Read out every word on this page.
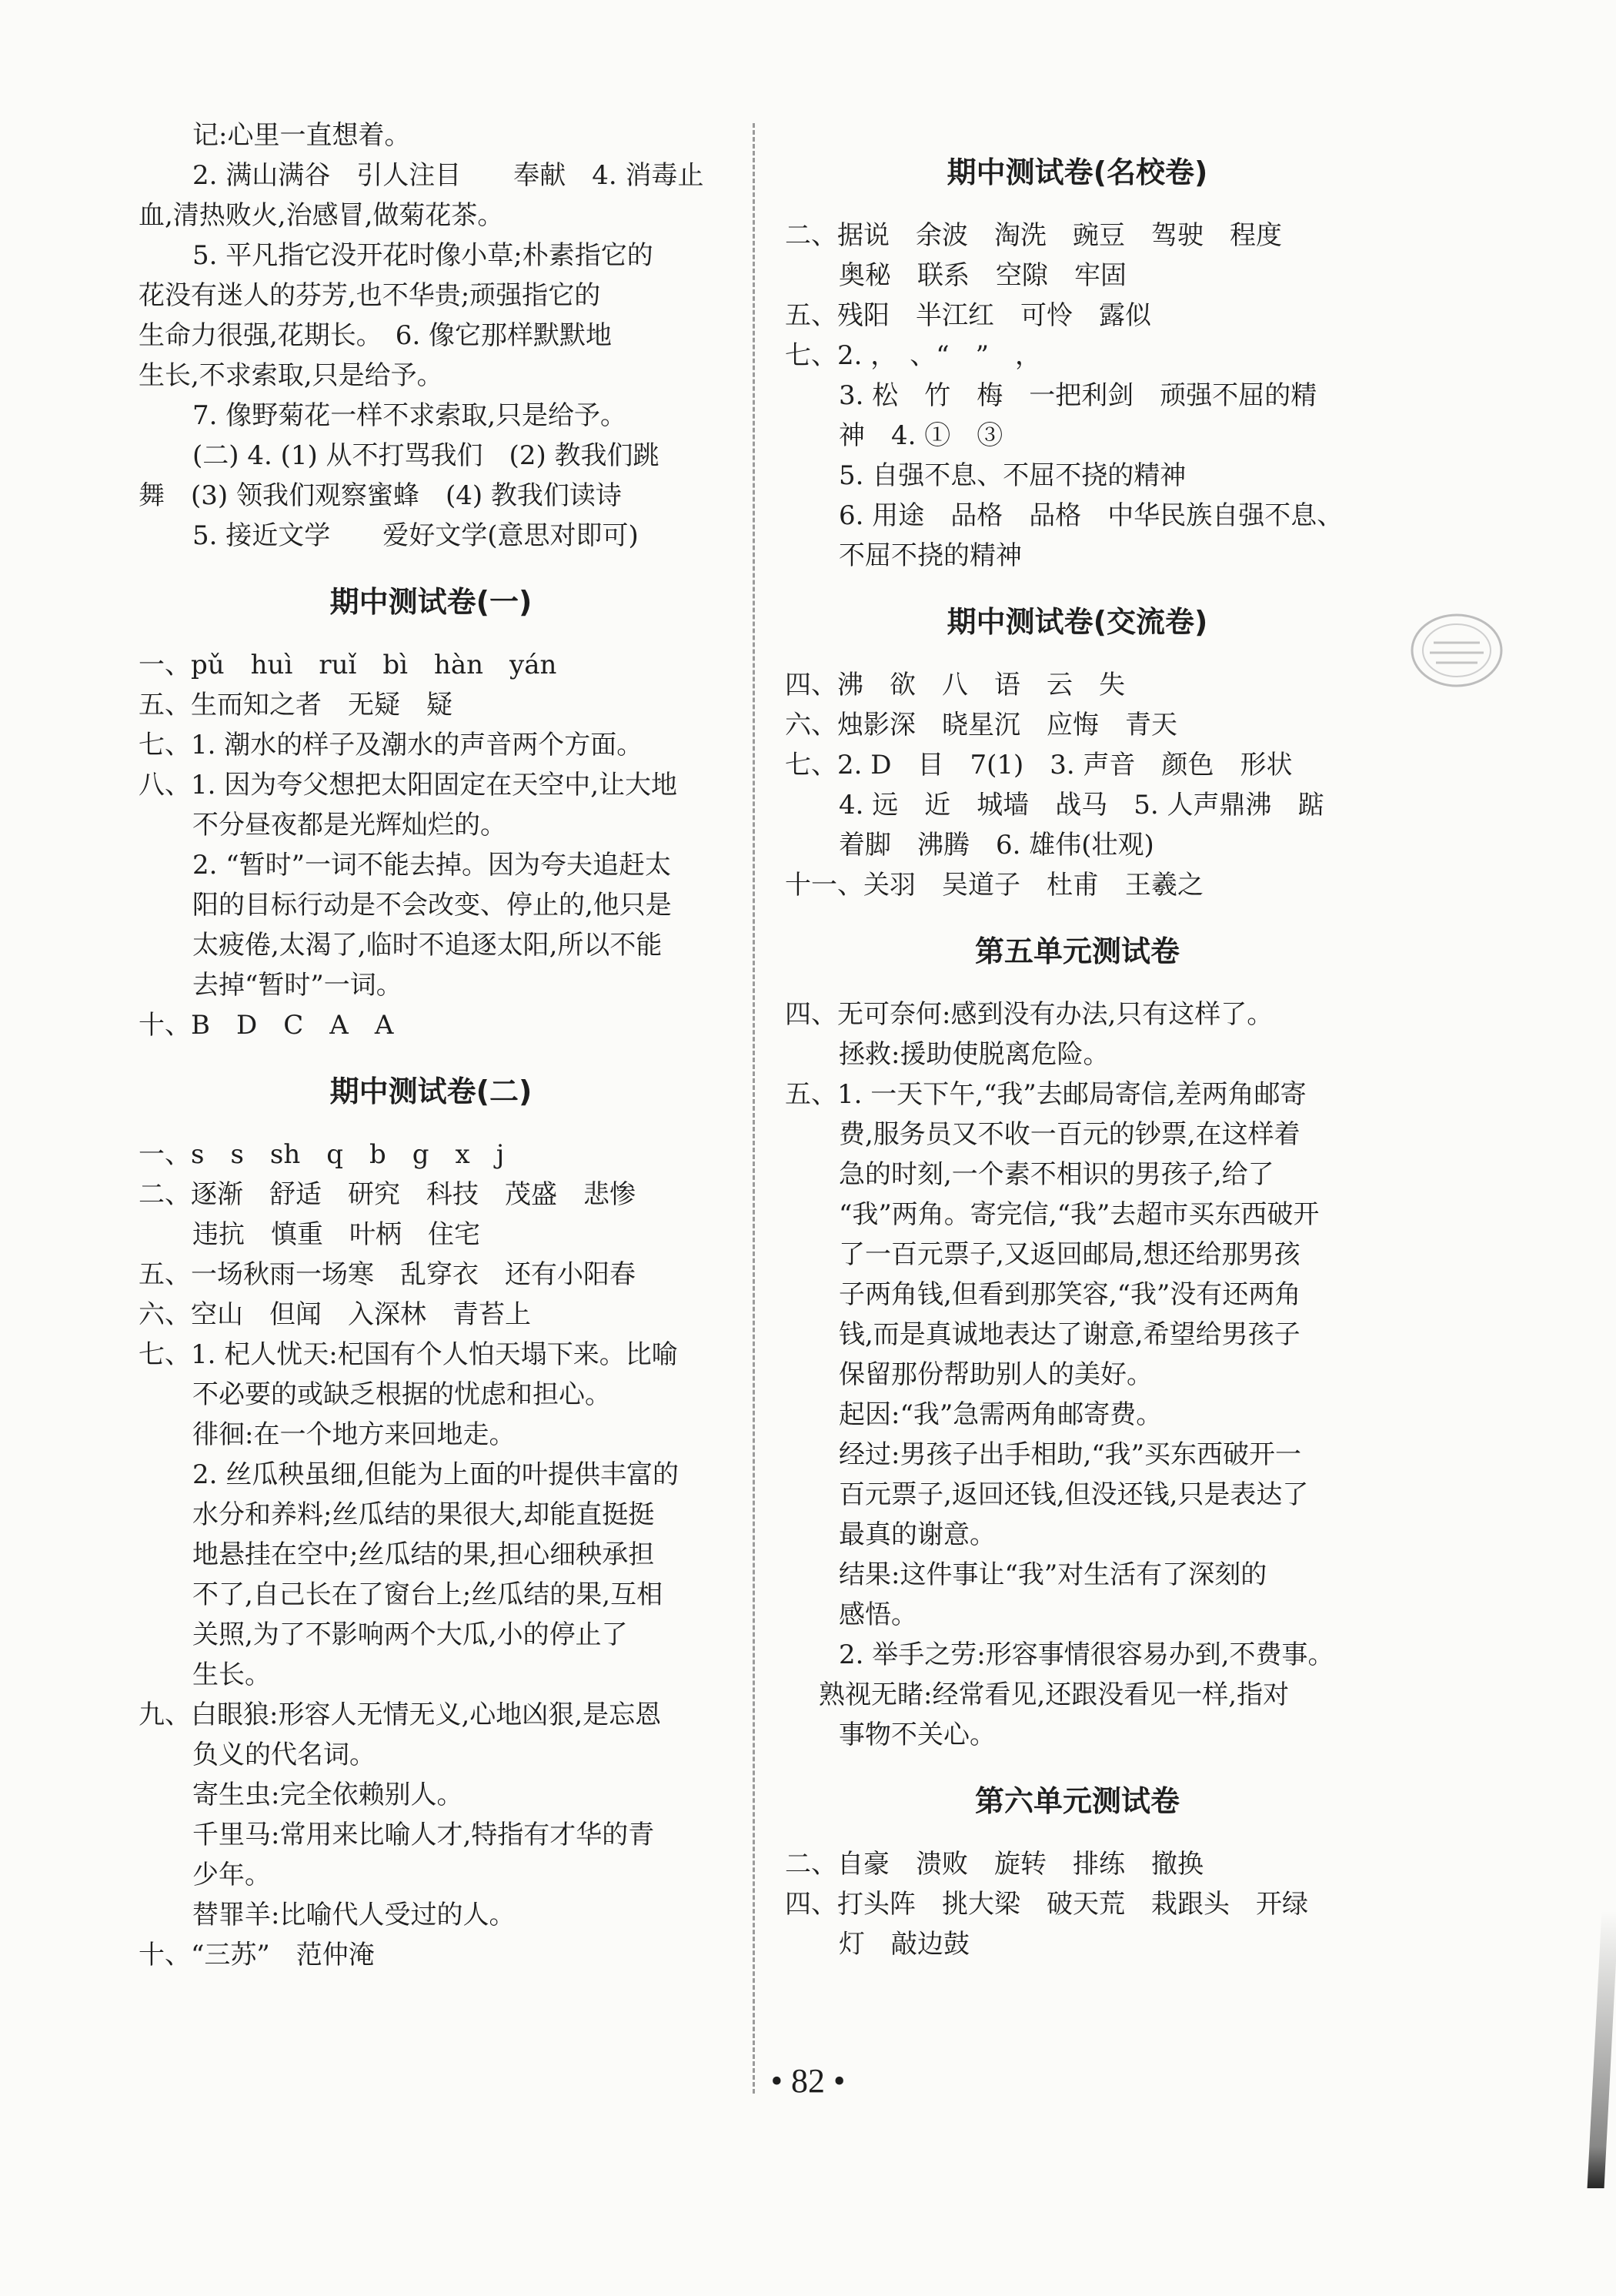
记:心里一直想着。
2. 满山满谷　引人注目　　奉献　4. 消毒止
血,清热败火,治感冒,做菊花茶。
5. 平凡指它没开花时像小草;朴素指它的
花没有迷人的芬芳,也不华贵;顽强指它的
生命力很强,花期长。　6. 像它那样默默地
生长,不求索取,只是给予。
7. 像野菊花一样不求索取,只是给予。
(二) 4. (1) 从不打骂我们　(2) 教我们跳
舞　(3) 领我们观察蜜蜂　(4) 教我们读诗
5. 接近文学　　爱好文学(意思对即可)
期中测试卷(一)
一、pǔ　huì　ruǐ　bì　hàn　yán
五、生而知之者　无疑　疑
七、1. 潮水的样子及潮水的声音两个方面。
八、1. 因为夸父想把太阳固定在天空中,让大地
不分昼夜都是光辉灿烂的。
2. “暂时”一词不能去掉。因为夸夫追赶太
阳的目标行动是不会改变、停止的,他只是
太疲倦,太渴了,临时不追逐太阳,所以不能
去掉“暂时”一词。
十、B　D　C　A　A
期中测试卷(二)
一、s　s　sh　q　b　g　x　j
二、逐渐　舒适　研究　科技　茂盛　悲惨
违抗　慎重　叶柄　住宅
五、一场秋雨一场寒　乱穿衣　还有小阳春
六、空山　但闻　入深林　青苔上
七、1. 杞人忧天:杞国有个人怕天塌下来。比喻
不必要的或缺乏根据的忧虑和担心。
徘徊:在一个地方来回地走。
2. 丝瓜秧虽细,但能为上面的叶提供丰富的
水分和养料;丝瓜结的果很大,却能直挺挺
地悬挂在空中;丝瓜结的果,担心细秧承担
不了,自己长在了窗台上;丝瓜结的果,互相
关照,为了不影响两个大瓜,小的停止了
生长。
九、白眼狼:形容人无情无义,心地凶狠,是忘恩
负义的代名词。
寄生虫:完全依赖别人。
千里马:常用来比喻人才,特指有才华的青
少年。
替罪羊:比喻代人受过的人。
十、“三苏”　范仲淹
期中测试卷(名校卷)
二、据说　余波　淘洗　豌豆　驾驶　程度
奥秘　联系　空隙　牢固
五、残阳　半江红　可怜　露似
七、2. ，　、“　”　，
3. 松　竹　梅　一把利剑　顽强不屈的精
神　4. ①　③
5. 自强不息、不屈不挠的精神
6. 用途　品格　品格　中华民族自强不息、
不屈不挠的精神
期中测试卷(交流卷)
四、沸　欲　八　语　云　失
六、烛影深　晓星沉　应悔　青天
七、2. D　目　7(1)　3. 声音　颜色　形状
4. 远　近　城墙　战马　5. 人声鼎沸　踮
着脚　沸腾　6. 雄伟(壮观)
十一、关羽　吴道子　杜甫　王羲之
第五单元测试卷
四、无可奈何:感到没有办法,只有这样了。
拯救:援助使脱离危险。
五、1. 一天下午,“我”去邮局寄信,差两角邮寄
费,服务员又不收一百元的钞票,在这样着
急的时刻,一个素不相识的男孩子,给了
“我”两角。寄完信,“我”去超市买东西破开
了一百元票子,又返回邮局,想还给那男孩
子两角钱,但看到那笑容,“我”没有还两角
钱,而是真诚地表达了谢意,希望给男孩子
保留那份帮助别人的美好。
起因:“我”急需两角邮寄费。
经过:男孩子出手相助,“我”买东西破开一
百元票子,返回还钱,但没还钱,只是表达了
最真的谢意。
结果:这件事让“我”对生活有了深刻的
感悟。
2. 举手之劳:形容事情很容易办到,不费事。
熟视无睹:经常看见,还跟没看见一样,指对
事物不关心。
第六单元测试卷
二、自豪　溃败　旋转　排练　撤换
四、打头阵　挑大梁　破天荒　栽跟头　开绿
灯　敲边鼓
• 82 •
